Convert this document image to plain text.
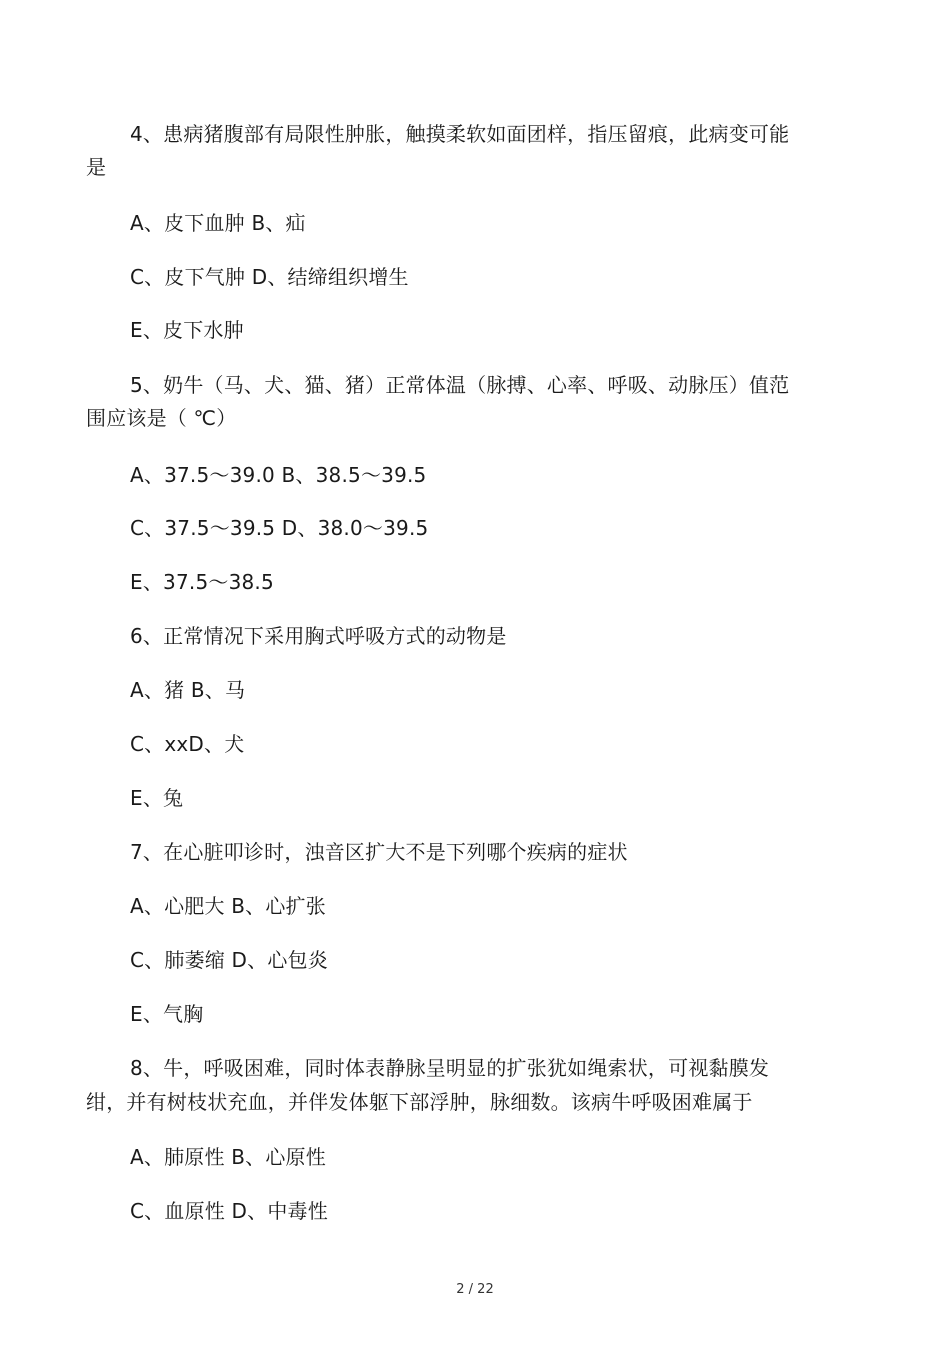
4、患病猪腹部有局限性肿胀，触摸柔软如面团样，指压留痕，此病变可能
是
A、皮下血肿 B、疝
C、皮下气肿 D、结缔组织增生
E、皮下水肿
5、奶牛（马、犬、猫、猪）正常体温（脉搏、心率、呼吸、动脉压）值范
围应该是（ ℃）
A、37.5～39.0 B、38.5～39.5
C、37.5～39.5 D、38.0～39.5
E、37.5～38.5
6、正常情况下采用胸式呼吸方式的动物是
A、猪 B、马
C、xxD、犬
E、兔
7、在心脏叩诊时，浊音区扩大不是下列哪个疾病的症状
A、心肥大 B、心扩张
C、肺萎缩 D、心包炎
E、气胸
8、牛，呼吸困难，同时体表静脉呈明显的扩张犹如绳索状，可视黏膜发
绀，并有树枝状充血，并伴发体躯下部浮肿，脉细数。该病牛呼吸困难属于
A、肺原性 B、心原性
C、血原性 D、中毒性
2 / 22
